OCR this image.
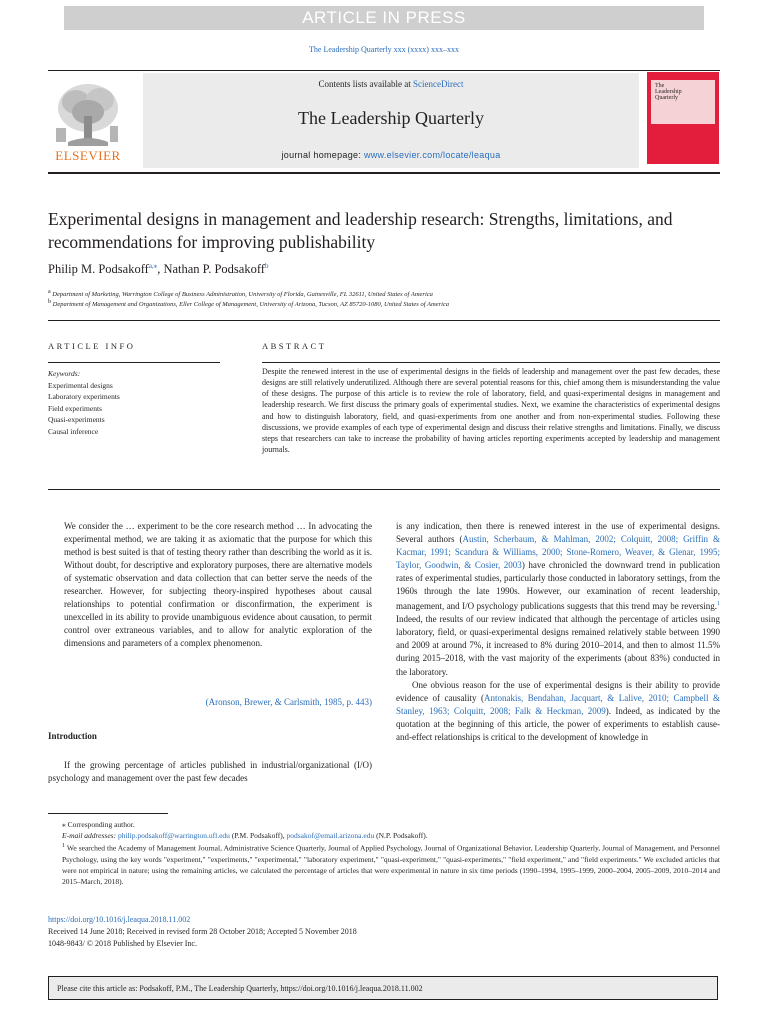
ARTICLE IN PRESS
The Leadership Quarterly xxx (xxxx) xxx–xxx
Contents lists available at ScienceDirect
The Leadership Quarterly
journal homepage: www.elsevier.com/locate/leaqua
ELSEVIER
The
Leadership
Quarterly
Experimental designs in management and leadership research: Strengths, limitations, and recommendations for improving publishability
Philip M. Podsakoff$^{a,⁎}$, Nathan P. Podsakoff$^b$
$^a$ Department of Marketing, Warrington College of Business Administration, University of Florida, Gainesville, FL 32611, United States of America
$^b$ Department of Management and Organizations, Eller College of Management, University of Arizona, Tucson, AZ 85720-1080, United States of America
ARTICLE INFO
Keywords:
Experimental designs
Laboratory experiments
Field experiments
Quasi-experiments
Causal inference
ABSTRACT
Despite the renewed interest in the use of experimental designs in the fields of leadership and management over the past few decades, these designs are still relatively underutilized. Although there are several potential reasons for this, chief among them is misunderstanding the value of these designs. The purpose of this article is to review the role of laboratory, field, and quasi-experimental designs in management and leadership research. We first discuss the primary goals of experimental studies. Next, we examine the characteristics of experimental designs and how to distinguish laboratory, field, and quasi-experiments from one another and from non-experimental studies. Following these discussions, we provide examples of each type of experimental design and discuss their relative strengths and limitations. Finally, we discuss steps that researchers can take to increase the probability of having articles reporting experiments accepted by leadership and management journals.
We consider the … experiment to be the core research method … In advocating the experimental method, we are taking it as axiomatic that the purpose for which this method is best suited is that of testing theory rather than describing the world as it is. Without doubt, for descriptive and exploratory purposes, there are alternative models of systematic observation and data collection that can better serve the needs of the researcher. However, for subjecting theory-inspired hypotheses about causal relationships to potential confirmation or disconfirmation, the experiment is unexcelled in its ability to provide unambiguous evidence about causation, to permit control over extraneous variables, and to allow for analytic exploration of the dimensions and parameters of a complex phenomenon.
(Aronson, Brewer, & Carlsmith, 1985, p. 443)
Introduction
If the growing percentage of articles published in industrial/organizational (I/O) psychology and management over the past few decades
is any indication, then there is renewed interest in the use of experimental designs. Several authors (Austin, Scherbaum, & Mahlman, 2002; Colquitt, 2008; Griffin & Kacmar, 1991; Scandura & Williams, 2000; Stone-Romero, Weaver, & Glenar, 1995; Taylor, Goodwin, & Cosier, 2003) have chronicled the downward trend in publication rates of experimental studies, particularly those conducted in laboratory settings, from the 1960s through the late 1990s. However, our examination of recent leadership, management, and I/O psychology publications suggests that this trend may be reversing.$^1$ Indeed, the results of our review indicated that although the percentage of articles using laboratory, field, or quasi-experimental designs remained relatively stable between 1990 and 2009 at around 7%, it increased to 8% during 2010–2014, and then to almost 11.5% during 2015–2018, with the vast majority of the experiments (about 83%) conducted in the laboratory.
One obvious reason for the use of experimental designs is their ability to provide evidence of causality (Antonakis, Bendahan, Jacquart, & Lalive, 2010; Campbell & Stanley, 1963; Colquitt, 2008; Falk & Heckman, 2009). Indeed, as indicated by the quotation at the beginning of this article, the power of experiments to establish cause-and-effect relationships is critical to the development of knowledge in
⁎ Corresponding author.
E-mail addresses: philip.podsakoff@warrington.ufl.edu (P.M. Podsakoff), podsakof@email.arizona.edu (N.P. Podsakoff).
$^1$ We searched the Academy of Management Journal, Administrative Science Quarterly, Journal of Applied Psychology, Journal of Organizational Behavior, Leadership Quarterly, Journal of Management, and Personnel Psychology, using the key words "experiment," "experiments," "experimental," "laboratory experiment," "quasi-experiment," "quasi-experiments," "field experiment," and "field experiments." We excluded articles that were not empirical in nature; using the remaining articles, we calculated the percentage of articles that were experimental in nature in six time periods (1990–1994, 1995–1999, 2000–2004, 2005–2009, 2010–2014 and 2015–March, 2018).
https://doi.org/10.1016/j.leaqua.2018.11.002
Received 14 June 2018; Received in revised form 28 October 2018; Accepted 5 November 2018
1048-9843/ © 2018 Published by Elsevier Inc.
Please cite this article as: Podsakoff, P.M., The Leadership Quarterly, https://doi.org/10.1016/j.leaqua.2018.11.002
